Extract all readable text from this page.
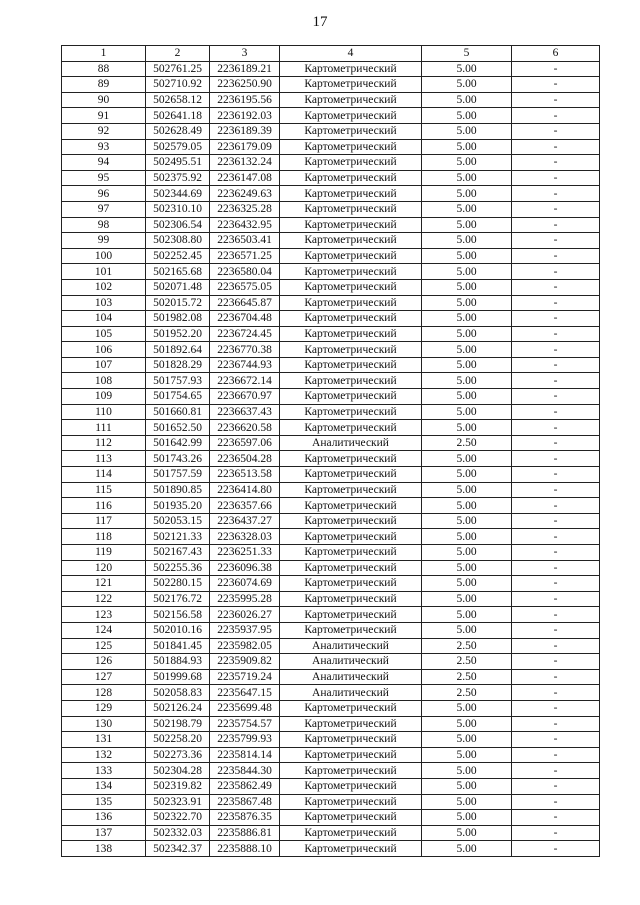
17
1	2	3	4	5	6
88	502761.25	2236189.21	Картометрический	5.00	-
89	502710.92	2236250.90	Картометрический	5.00	-
90	502658.12	2236195.56	Картометрический	5.00	-
91	502641.18	2236192.03	Картометрический	5.00	-
92	502628.49	2236189.39	Картометрический	5.00	-
93	502579.05	2236179.09	Картометрический	5.00	-
94	502495.51	2236132.24	Картометрический	5.00	-
95	502375.92	2236147.08	Картометрический	5.00	-
96	502344.69	2236249.63	Картометрический	5.00	-
97	502310.10	2236325.28	Картометрический	5.00	-
98	502306.54	2236432.95	Картометрический	5.00	-
99	502308.80	2236503.41	Картометрический	5.00	-
100	502252.45	2236571.25	Картометрический	5.00	-
101	502165.68	2236580.04	Картометрический	5.00	-
102	502071.48	2236575.05	Картометрический	5.00	-
103	502015.72	2236645.87	Картометрический	5.00	-
104	501982.08	2236704.48	Картометрический	5.00	-
105	501952.20	2236724.45	Картометрический	5.00	-
106	501892.64	2236770.38	Картометрический	5.00	-
107	501828.29	2236744.93	Картометрический	5.00	-
108	501757.93	2236672.14	Картометрический	5.00	-
109	501754.65	2236670.97	Картометрический	5.00	-
110	501660.81	2236637.43	Картометрический	5.00	-
111	501652.50	2236620.58	Картометрический	5.00	-
112	501642.99	2236597.06	Аналитический	2.50	-
113	501743.26	2236504.28	Картометрический	5.00	-
114	501757.59	2236513.58	Картометрический	5.00	-
115	501890.85	2236414.80	Картометрический	5.00	-
116	501935.20	2236357.66	Картометрический	5.00	-
117	502053.15	2236437.27	Картометрический	5.00	-
118	502121.33	2236328.03	Картометрический	5.00	-
119	502167.43	2236251.33	Картометрический	5.00	-
120	502255.36	2236096.38	Картометрический	5.00	-
121	502280.15	2236074.69	Картометрический	5.00	-
122	502176.72	2235995.28	Картометрический	5.00	-
123	502156.58	2236026.27	Картометрический	5.00	-
124	502010.16	2235937.95	Картометрический	5.00	-
125	501841.45	2235982.05	Аналитический	2.50	-
126	501884.93	2235909.82	Аналитический	2.50	-
127	501999.68	2235719.24	Аналитический	2.50	-
128	502058.83	2235647.15	Аналитический	2.50	-
129	502126.24	2235699.48	Картометрический	5.00	-
130	502198.79	2235754.57	Картометрический	5.00	-
131	502258.20	2235799.93	Картометрический	5.00	-
132	502273.36	2235814.14	Картометрический	5.00	-
133	502304.28	2235844.30	Картометрический	5.00	-
134	502319.82	2235862.49	Картометрический	5.00	-
135	502323.91	2235867.48	Картометрический	5.00	-
136	502322.70	2235876.35	Картометрический	5.00	-
137	502332.03	2235886.81	Картометрический	5.00	-
138	502342.37	2235888.10	Картометрический	5.00	-
